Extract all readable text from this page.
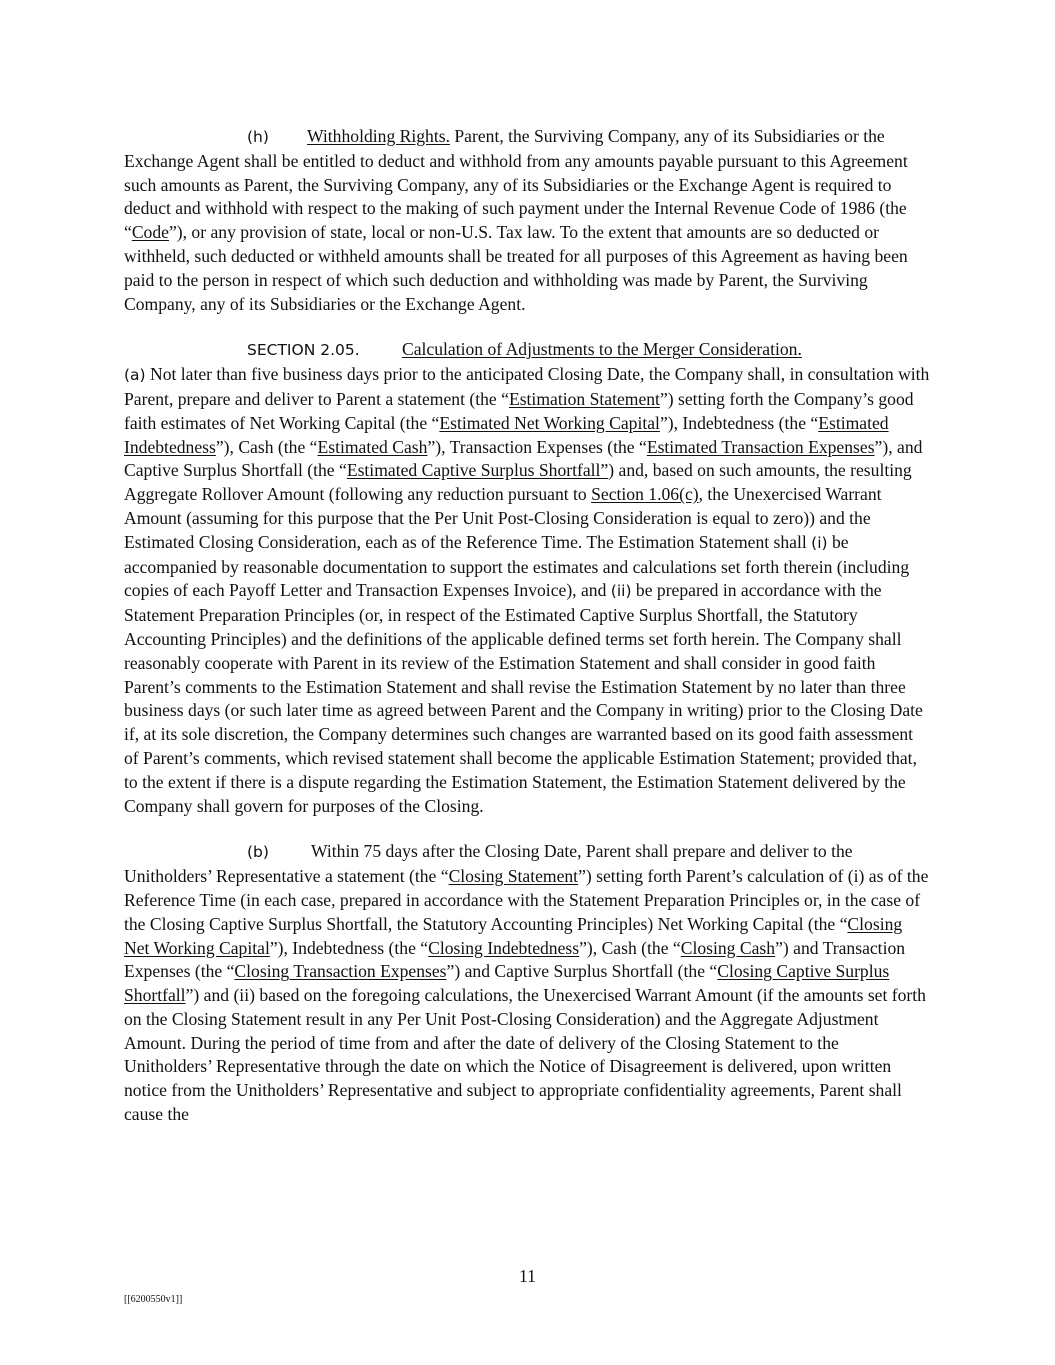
(h) Withholding Rights. Parent, the Surviving Company, any of its Subsidiaries or the Exchange Agent shall be entitled to deduct and withhold from any amounts payable pursuant to this Agreement such amounts as Parent, the Surviving Company, any of its Subsidiaries or the Exchange Agent is required to deduct and withhold with respect to the making of such payment under the Internal Revenue Code of 1986 (the “Code”), or any provision of state, local or non-U.S. Tax law. To the extent that amounts are so deducted or withheld, such deducted or withheld amounts shall be treated for all purposes of this Agreement as having been paid to the person in respect of which such deduction and withholding was made by Parent, the Surviving Company, any of its Subsidiaries or the Exchange Agent.

SECTION 2.05. Calculation of Adjustments to the Merger Consideration.
(a) Not later than five business days prior to the anticipated Closing Date, the Company shall, in consultation with Parent, prepare and deliver to Parent a statement (the “Estimation Statement”) setting forth the Company’s good faith estimates of Net Working Capital (the “Estimated Net Working Capital”), Indebtedness (the “Estimated Indebtedness”), Cash (the “Estimated Cash”), Transaction Expenses (the “Estimated Transaction Expenses”), and Captive Surplus Shortfall (the “Estimated Captive Surplus Shortfall”) and, based on such amounts, the resulting Aggregate Rollover Amount (following any reduction pursuant to Section 1.06(c), the Unexercised Warrant Amount (assuming for this purpose that the Per Unit Post-Closing Consideration is equal to zero)) and the Estimated Closing Consideration, each as of the Reference Time. The Estimation Statement shall (i) be accompanied by reasonable documentation to support the estimates and calculations set forth therein (including copies of each Payoff Letter and Transaction Expenses Invoice), and (ii) be prepared in accordance with the Statement Preparation Principles (or, in respect of the Estimated Captive Surplus Shortfall, the Statutory Accounting Principles) and the definitions of the applicable defined terms set forth herein. The Company shall reasonably cooperate with Parent in its review of the Estimation Statement and shall consider in good faith Parent’s comments to the Estimation Statement and shall revise the Estimation Statement by no later than three business days (or such later time as agreed between Parent and the Company in writing) prior to the Closing Date if, at its sole discretion, the Company determines such changes are warranted based on its good faith assessment of Parent’s comments, which revised statement shall become the applicable Estimation Statement; provided that, to the extent if there is a dispute regarding the Estimation Statement, the Estimation Statement delivered by the Company shall govern for purposes of the Closing.

(b) Within 75 days after the Closing Date, Parent shall prepare and deliver to the Unitholders’ Representative a statement (the “Closing Statement”) setting forth Parent’s calculation of (i) as of the Reference Time (in each case, prepared in accordance with the Statement Preparation Principles or, in the case of the Closing Captive Surplus Shortfall, the Statutory Accounting Principles) Net Working Capital (the “Closing Net Working Capital”), Indebtedness (the “Closing Indebtedness”), Cash (the “Closing Cash”) and Transaction Expenses (the “Closing Transaction Expenses”) and Captive Surplus Shortfall (the “Closing Captive Surplus Shortfall”) and (ii) based on the foregoing calculations, the Unexercised Warrant Amount (if the amounts set forth on the Closing Statement result in any Per Unit Post-Closing Consideration) and the Aggregate Adjustment Amount. During the period of time from and after the date of delivery of the Closing Statement to the Unitholders’ Representative through the date on which the Notice of Disagreement is delivered, upon written notice from the Unitholders’ Representative and subject to appropriate confidentiality agreements, Parent shall cause the

11
[[6200550v1]]
